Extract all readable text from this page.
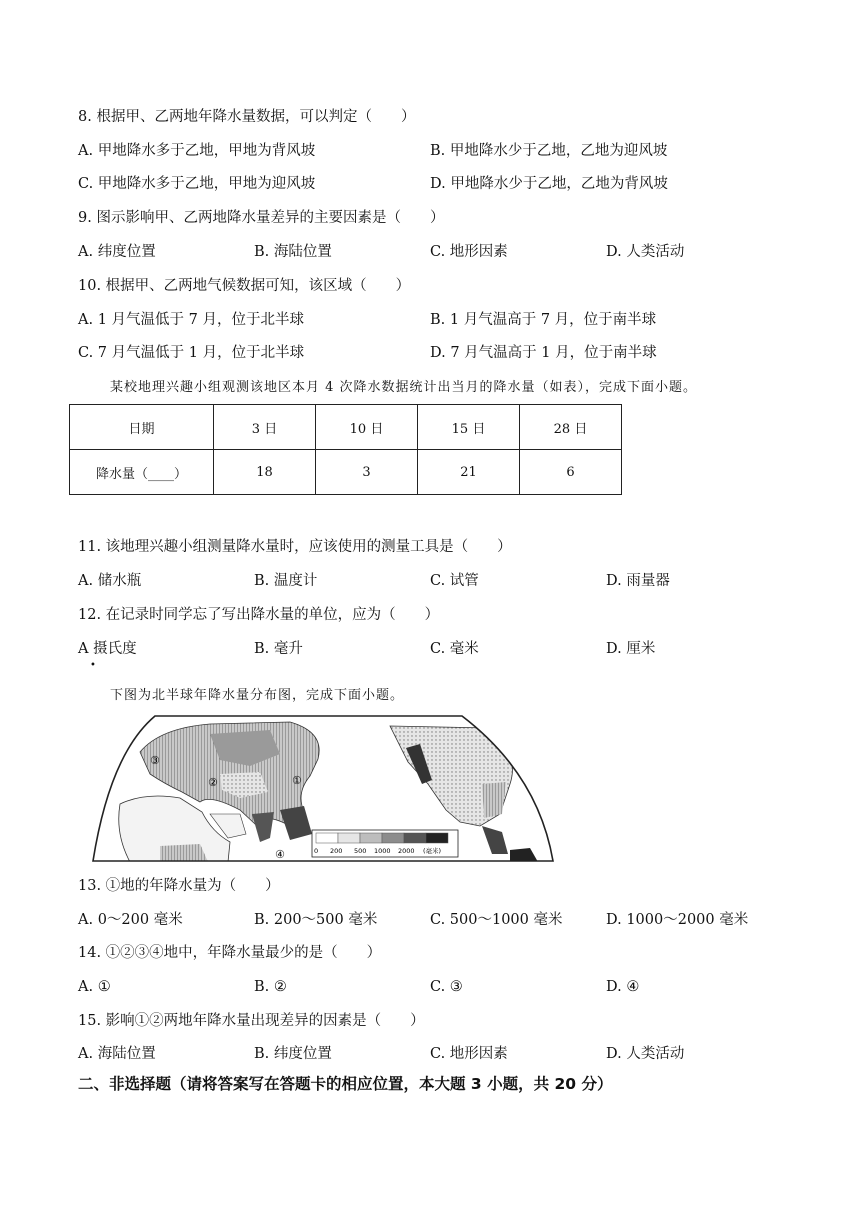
8. 根据甲、乙两地年降水量数据，可以判定（　　）
A. 甲地降水多于乙地，甲地为背风坡	B. 甲地降水少于乙地，乙地为迎风坡
C. 甲地降水多于乙地，甲地为迎风坡	D. 甲地降水少于乙地，乙地为背风坡
9. 图示影响甲、乙两地降水量差异的主要因素是（　　）
A. 纬度位置	B. 海陆位置	C. 地形因素	D. 人类活动
10. 根据甲、乙两地气候数据可知，该区域（　　）
A. 1 月气温低于 7 月，位于北半球	B. 1 月气温高于 7 月，位于南半球
C. 7 月气温低于 1 月，位于北半球	D. 7 月气温高于 1 月，位于南半球
某校地理兴趣小组观测该地区本月 4 次降水数据统计出当月的降水量（如表），完成下面小题。
日期	3 日	10 日	15 日	28 日
降水量（____）	18	3	21	6
11. 该地理兴趣小组测量降水量时，应该使用的测量工具是（　　）
A. 储水瓶	B. 温度计	C. 试管	D. 雨量器
12. 在记录时同学忘了写出降水量的单位，应为（　　）
A 摄氏度	B. 毫升	C. 毫米	D. 厘米
•
下图为北半球年降水量分布图，完成下面小题。
③
②	①
④	0 200 500 1000 2000 (毫米)
13. ①地的年降水量为（　　）
A. 0～200 毫米	B. 200～500 毫米	C. 500～1000 毫米	D. 1000～2000 毫米
14. ①②③④地中，年降水量最少的是（　　）
A. ①	B. ②	C. ③	D. ④
15. 影响①②两地年降水量出现差异的因素是（　　）
A. 海陆位置	B. 纬度位置	C. 地形因素	D. 人类活动
二、非选择题（请将答案写在答题卡的相应位置，本大题 3 小题，共 20 分）
